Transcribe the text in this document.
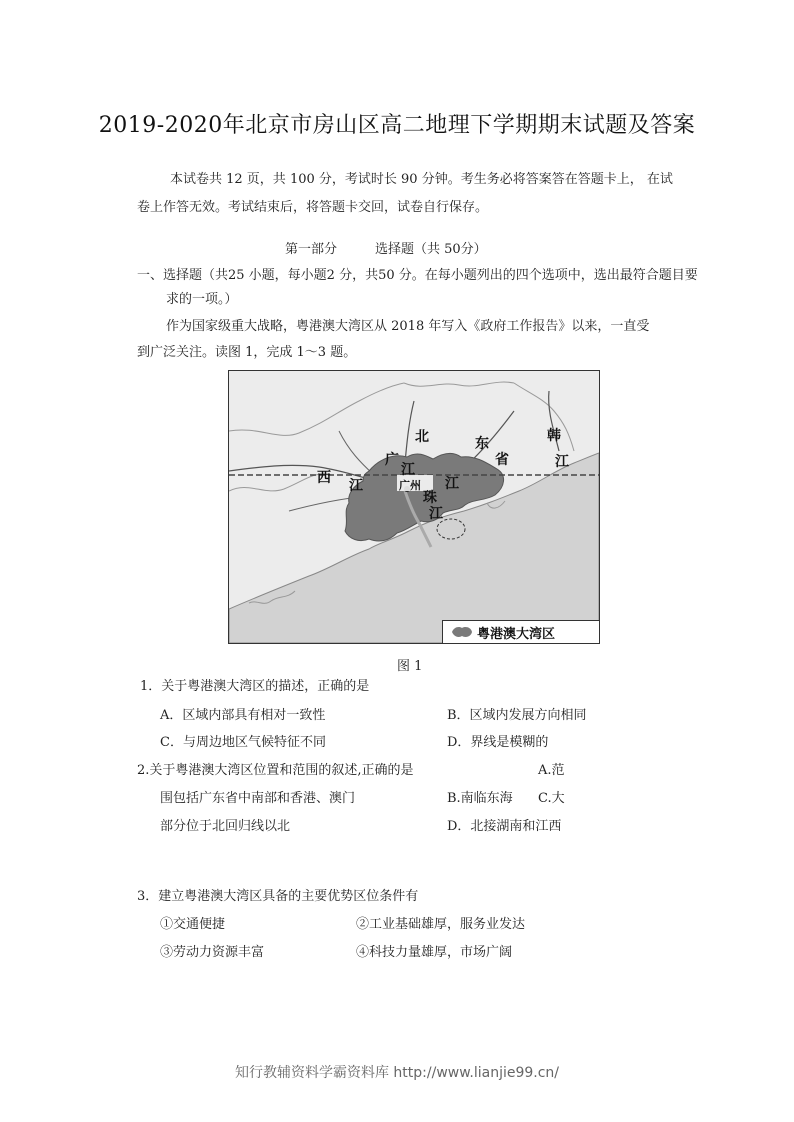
2019-2020年北京市房山区高二地理下学期期末试题及答案
本试卷共 12 页，共 100 分，考试时长 90 分钟。考生务必将答案答在答题卡上， 在试
卷上作答无效。考试结束后，将答题卡交回，试卷自行保存。
第一部分	选择题（共 50分）
一、选择题（共25 小题，每小题2 分，共50 分。在每小题列出的四个选项中，选出最符合题目要
求的一项。）
作为国家级重大战略，粤港澳大湾区从 2018 年写入《政府工作报告》以来，一直受
到广泛关注。读图 1，完成 1～3 题。
北	东
省
广
江
韩
江
西 江	广州 江
珠
江
粤港澳大湾区
图 1
1．关于粤港澳大湾区的描述，正确的是
A．区域内部具有相对一致性	B．区域内发展方向相同
C．与周边地区气候特征不同	D．界线是模糊的
2.关于粤港澳大湾区位置和范围的叙述,正确的是	A.范
围包括广东省中南部和香港、澳门	B.南临东海 C.大
部分位于北回归线以北	D．北接湖南和江西
3．建立粤港澳大湾区具备的主要优势区位条件有
①交通便捷	②工业基础雄厚，服务业发达
③劳动力资源丰富	④科技力量雄厚，市场广阔
知行教辅资料学霸资料库 http://www.lianjie99.cn/
